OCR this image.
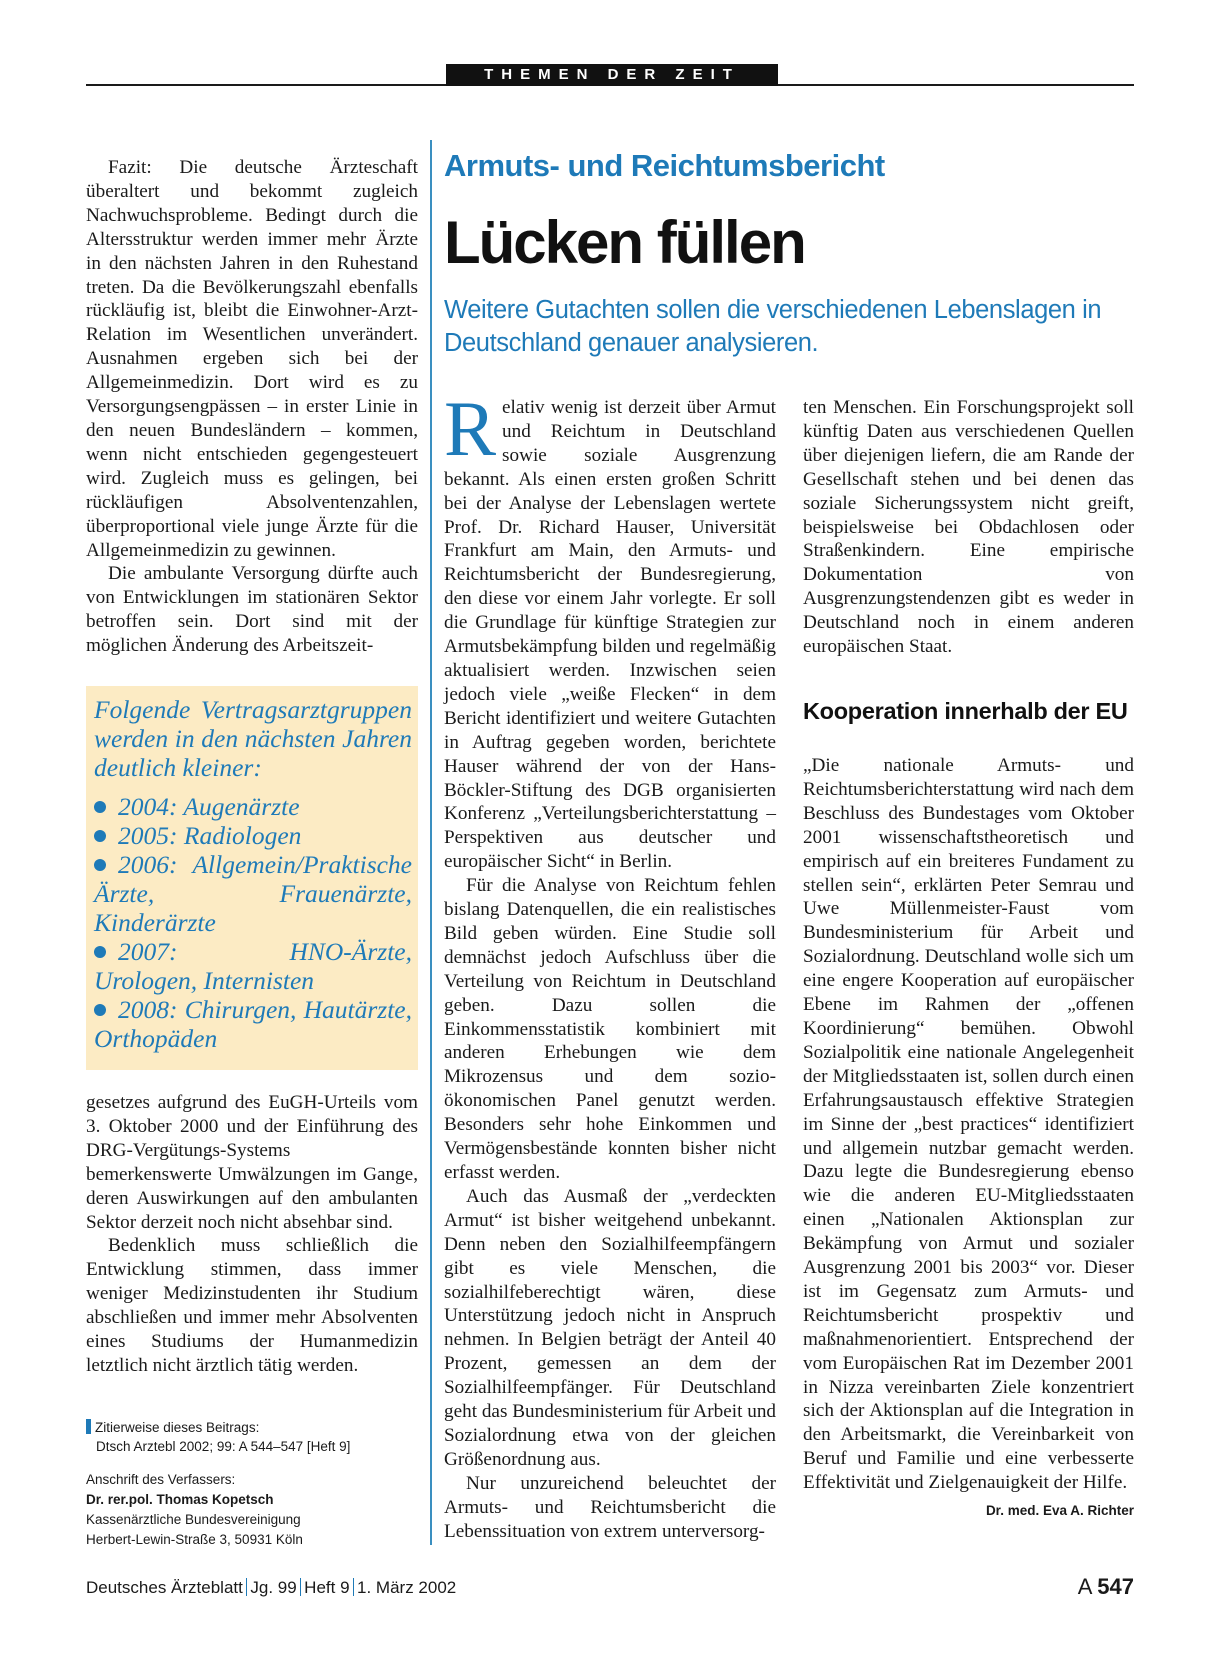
THEMEN DER ZEIT

Fazit: Die deutsche Ärzteschaft überaltert und bekommt zugleich Nachwuchsprobleme. Bedingt durch die Altersstruktur werden immer mehr Ärzte in den nächsten Jahren in den Ruhestand treten. Da die Bevölkerungszahl ebenfalls rückläufig ist, bleibt die Einwohner-Arzt-Relation im Wesentlichen unverändert. Ausnahmen ergeben sich bei der Allgemeinmedizin. Dort wird es zu Versorgungsengpässen – in erster Linie in den neuen Bundesländern – kommen, wenn nicht entschieden gegengesteuert wird. Zugleich muss es gelingen, bei rückläufigen Absolventenzahlen, überproportional viele junge Ärzte für die Allgemeinmedizin zu gewinnen.

Die ambulante Versorgung dürfte auch von Entwicklungen im stationären Sektor betroffen sein. Dort sind mit der möglichen Änderung des Arbeitszeit-

Folgende Vertragsarztgruppen werden in den nächsten Jahren deutlich kleiner:

2004: Augenärzte
2005: Radiologen
2006: Allgemein/Praktische Ärzte, Frauenärzte, Kinderärzte
2007: HNO-Ärzte, Urologen, Internisten
2008: Chirurgen, Hautärzte, Orthopäden

gesetzes aufgrund des EuGH-Urteils vom 3. Oktober 2000 und der Einführung des DRG-Vergütungs-Systems bemerkenswerte Umwälzungen im Gange, deren Auswirkungen auf den ambulanten Sektor derzeit noch nicht absehbar sind.

Bedenklich muss schließlich die Entwicklung stimmen, dass immer weniger Medizinstudenten ihr Studium abschließen und immer mehr Absolventen eines Studiums der Humanmedizin letztlich nicht ärztlich tätig werden.

Zitierweise dieses Beitrags:
Dtsch Arztebl 2002; 99: A 544–547 [Heft 9]
Anschrift des Verfassers:
Dr. rer.pol. Thomas Kopetsch
Kassenärztliche Bundesvereinigung
Herbert-Lewin-Straße 3, 50931 Köln
Armuts- und Reichtumsbericht
Lücken füllen
Weitere Gutachten sollen die verschiedenen Lebenslagen in Deutschland genauer analysieren.

Relativ wenig ist derzeit über Armut und Reichtum in Deutschland sowie soziale Ausgrenzung bekannt. Als einen ersten großen Schritt bei der Analyse der Lebenslagen wertete Prof. Dr. Richard Hauser, Universität Frankfurt am Main, den Armuts- und Reichtumsbericht der Bundesregierung, den diese vor einem Jahr vorlegte. Er soll die Grundlage für künftige Strategien zur Armutsbekämpfung bilden und regelmäßig aktualisiert werden. Inzwischen seien jedoch viele „weiße Flecken“ in dem Bericht identifiziert und weitere Gutachten in Auftrag gegeben worden, berichtete Hauser während der von der Hans-Böckler-Stiftung des DGB organisierten Konferenz „Verteilungsberichterstattung – Perspektiven aus deutscher und europäischer Sicht“ in Berlin.

Für die Analyse von Reichtum fehlen bislang Datenquellen, die ein realistisches Bild geben würden. Eine Studie soll demnächst jedoch Aufschluss über die Verteilung von Reichtum in Deutschland geben. Dazu sollen die Einkommensstatistik kombiniert mit anderen Erhebungen wie dem Mikrozensus und dem sozio-ökonomischen Panel genutzt werden. Besonders sehr hohe Einkommen und Vermögensbestände konnten bisher nicht erfasst werden.

Auch das Ausmaß der „verdeckten Armut“ ist bisher weitgehend unbekannt. Denn neben den Sozialhilfeempfängern gibt es viele Menschen, die sozialhilfeberechtigt wären, diese Unterstützung jedoch nicht in Anspruch nehmen. In Belgien beträgt der Anteil 40 Prozent, gemessen an dem der Sozialhilfeempfänger. Für Deutschland geht das Bundesministerium für Arbeit und Sozialordnung etwa von der gleichen Größenordnung aus.

Nur unzureichend beleuchtet der Armuts- und Reichtumsbericht die Lebenssituation von extrem unterversorg-

ten Menschen. Ein Forschungsprojekt soll künftig Daten aus verschiedenen Quellen über diejenigen liefern, die am Rande der Gesellschaft stehen und bei denen das soziale Sicherungssystem nicht greift, beispielsweise bei Obdachlosen oder Straßenkindern. Eine empirische Dokumentation von Ausgrenzungstendenzen gibt es weder in Deutschland noch in einem anderen europäischen Staat.

Kooperation innerhalb der EU

„Die nationale Armuts- und Reichtumsberichterstattung wird nach dem Beschluss des Bundestages vom Oktober 2001 wissenschaftstheoretisch und empirisch auf ein breiteres Fundament zu stellen sein“, erklärten Peter Semrau und Uwe Müllenmeister-Faust vom Bundesministerium für Arbeit und Sozialordnung. Deutschland wolle sich um eine engere Kooperation auf europäischer Ebene im Rahmen der „offenen Koordinierung“ bemühen. Obwohl Sozialpolitik eine nationale Angelegenheit der Mitgliedsstaaten ist, sollen durch einen Erfahrungsaustausch effektive Strategien im Sinne der „best practices“ identifiziert und allgemein nutzbar gemacht werden. Dazu legte die Bundesregierung ebenso wie die anderen EU-Mitgliedsstaaten einen „Nationalen Aktionsplan zur Bekämpfung von Armut und sozialer Ausgrenzung 2001 bis 2003“ vor. Dieser ist im Gegensatz zum Armuts- und Reichtumsbericht prospektiv und maßnahmenorientiert. Entsprechend der vom Europäischen Rat im Dezember 2001 in Nizza vereinbarten Ziele konzentriert sich der Aktionsplan auf die Integration in den Arbeitsmarkt, die Vereinbarkeit von Beruf und Familie und eine verbesserte Effektivität und Zielgenauigkeit der Hilfe.
Dr. med. Eva A. Richter

Deutsches Ärzteblatt Jg. 99 Heft 9 1. März 2002	A 547
